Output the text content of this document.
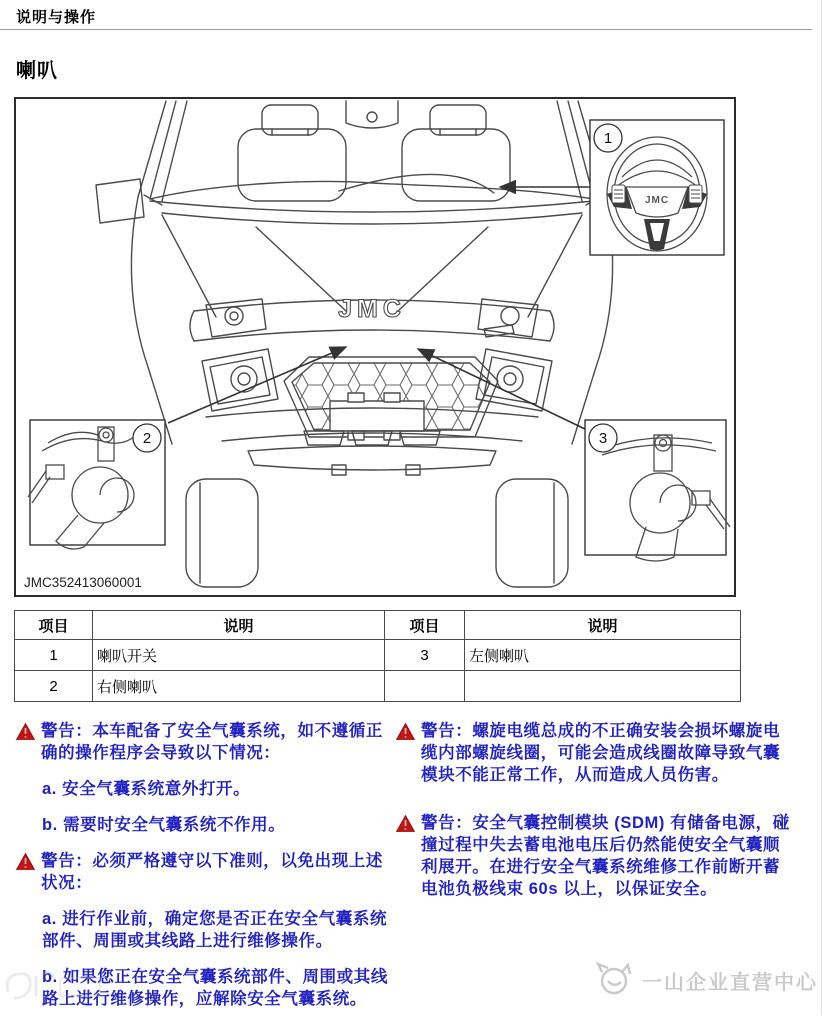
说明与操作
喇叭
JMC
JMC
1
2	3
JMC352413060001
项目	说明	项目	说明
1	喇叭开关	3	左侧喇叭
2	右侧喇叭		

警告：本车配备了安全气囊系统，如不遵循正确的操作程序会导致以下情况：

a. 安全气囊系统意外打开。

b. 需要时安全气囊系统不作用。

警告：必须严格遵守以下准则，以免出现上述状况：

a. 进行作业前，确定您是否正在安全气囊系统部件、周围或其线路上进行维修操作。

b. 如果您正在安全气囊系统部件、周围或其线路上进行维修操作，应解除安全气囊系统。

警告：螺旋电缆总成的不正确安装会损坏螺旋电缆内部螺旋线圈，可能会造成线圈故障导致气囊模块不能正常工作，从而造成人员伤害。

警告：安全气囊控制模块 (SDM) 有储备电源，碰撞过程中失去蓄电池电压后仍然能使安全气囊顺利展开。在进行安全气囊系统维修工作前断开蓄电池负极线束 60s 以上，以保证安全。

一山企业直营中心
